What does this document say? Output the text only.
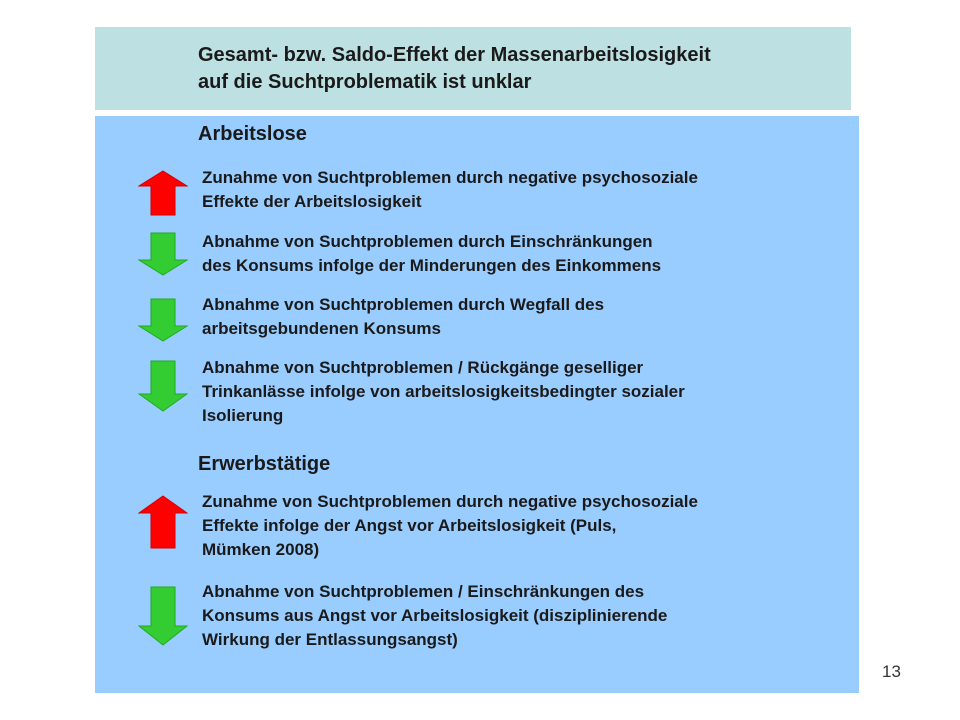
Gesamt- bzw. Saldo-Effekt der Massenarbeitslosigkeit
auf die Suchtproblematik ist unklar
Arbeitslose
Zunahme von Suchtproblemen durch negative psychosoziale
Effekte der Arbeitslosigkeit
Abnahme von Suchtproblemen durch Einschränkungen
des Konsums infolge der Minderungen des Einkommens
Abnahme von Suchtproblemen durch Wegfall des
arbeitsgebundenen Konsums
Abnahme von Suchtproblemen / Rückgänge geselliger
Trinkanlässe infolge von arbeitslosigkeitsbedingter sozialer
Isolierung
Erwerbstätige
Zunahme von Suchtproblemen durch negative psychosoziale
Effekte infolge der Angst vor Arbeitslosigkeit (Puls,
Mümken 2008)
Abnahme von Suchtproblemen / Einschränkungen des
Konsums aus Angst vor Arbeitslosigkeit (disziplinierende
Wirkung der Entlassungsangst)
13
